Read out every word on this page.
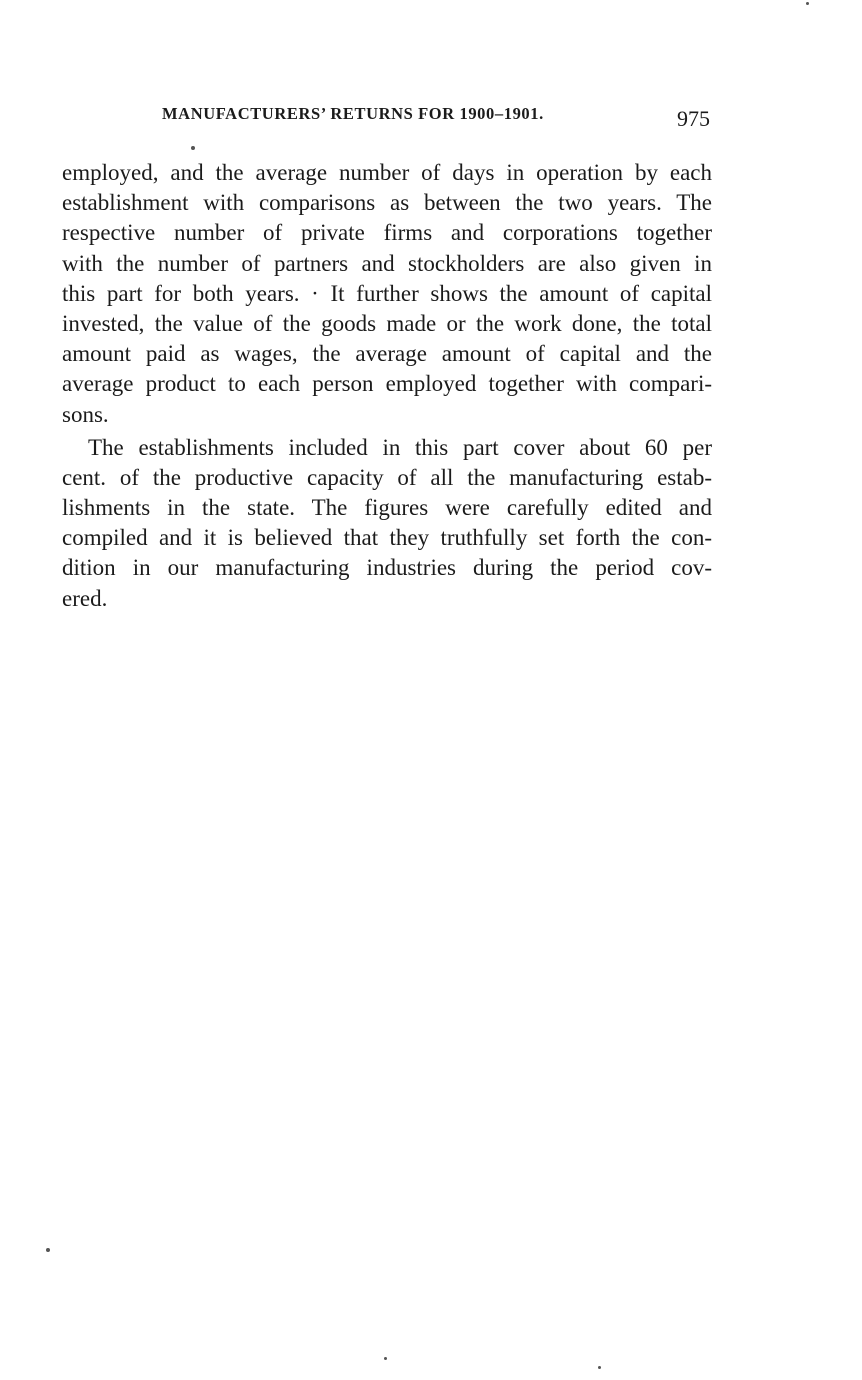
MANUFACTURERS’ RETURNS FOR 1900–1901.	975
employed, and the average number of days in operation by each
establishment with comparisons as between the two years. The
respective number of private firms and corporations together
with the number of partners and stockholders are also given in
this part for both years. · It further shows the amount of capital
invested, the value of the goods made or the work done, the total
amount paid as wages, the average amount of capital and the
average product to each person employed together with compari-
sons.
The establishments included in this part cover about 60 per
cent. of the productive capacity of all the manufacturing estab-
lishments in the state. The figures were carefully edited and
compiled and it is believed that they truthfully set forth the con-
dition in our manufacturing industries during the period cov-
ered.
